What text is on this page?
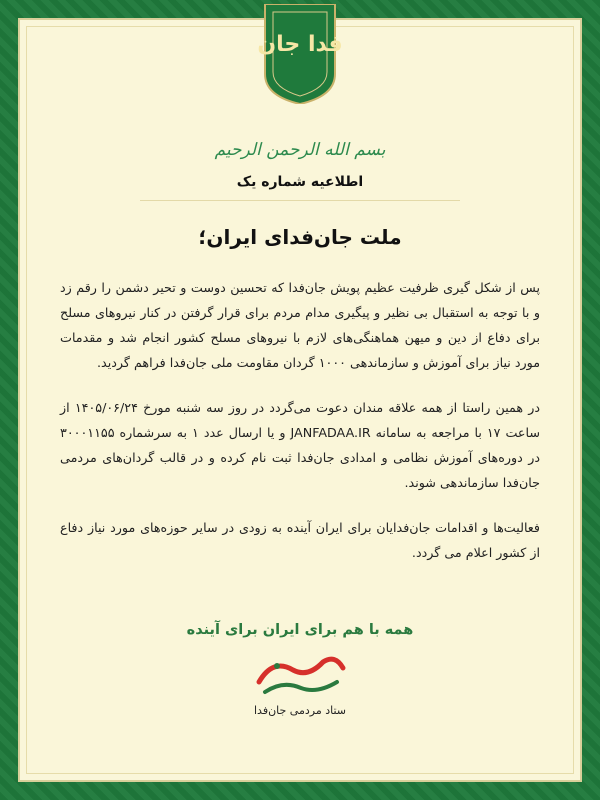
فدا جان
بسم الله الرحمن الرحیم
اطلاعیه شماره یک
ملت جان‌فدای ایران؛

پس از شکل گیری ظرفیت عظیم پویش جان‌فدا که تحسین دوست و تحیر دشمن را رقم زد و با توجه به استقبال بی نظیر و پیگیری مدام مردم برای قرار گرفتن در کنار نیروهای مسلح برای دفاع از دین و میهن هماهنگی‌های لازم با نیروهای مسلح کشور انجام شد و مقدمات مورد نیاز برای آموزش و سازماندهی ۱۰۰۰ گردان مقاومت ملی جان‌فدا فراهم گردید.

در همین راستا از همه علاقه مندان دعوت می‌گردد در روز سه شنبه مورخ ۱۴۰۵/۰۶/۲۴ از ساعت ۱۷ با مراجعه به سامانه JANFADAA.IR و یا ارسال عدد ۱ به سرشماره ۳۰۰۰۱۱۵۵ در دوره‌های آموزش نظامی و امدادی جان‌فدا ثبت نام کرده و در قالب گردان‌های مردمی جان‌فدا سازماندهی شوند.

فعالیت‌ها و اقدامات جان‌فدایان برای ایران آینده به زودی در سایر حوزه‌های مورد نیاز دفاع از کشور اعلام می گردد.

همه با هم برای ایران برای آینده
ستاد مردمی جان‌فدا
